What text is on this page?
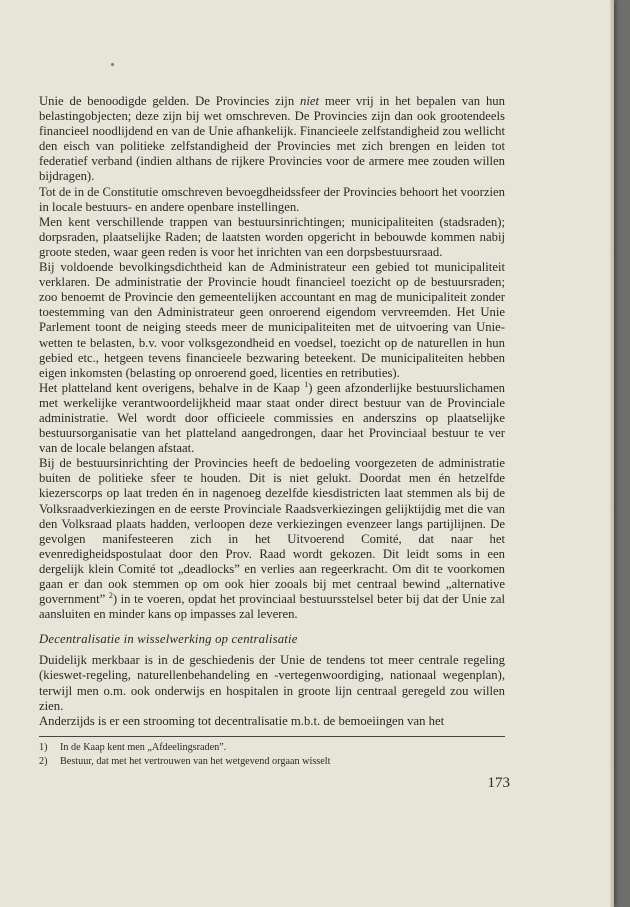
Unie de benoodigde gelden. De Provincies zijn niet meer vrij in het bepalen van hun belastingobjecten; deze zijn bij wet omschreven. De Provincies zijn dan ook grootendeels financieel noodlijdend en van de Unie afhankelijk. Financieele zelfstandigheid zou wellicht den eisch van politieke zelfstandigheid der Provincies met zich brengen en leiden tot federatief verband (indien althans de rijkere Provincies voor de armere mee zouden willen bijdragen).

Tot de in de Constitutie omschreven bevoegdheidssfeer der Provincies behoort het voorzien in locale bestuurs- en andere openbare instellingen.

Men kent verschillende trappen van bestuursinrichtingen; municipaliteiten (stadsraden); dorpsraden, plaatselijke Raden; de laatsten worden opgericht in bebouwde kommen nabij groote steden, waar geen reden is voor het inrichten van een dorpsbestuursraad.

Bij voldoende bevolkingsdichtheid kan de Administrateur een gebied tot municipaliteit verklaren. De administratie der Provincie houdt financieel toezicht op de bestuursraden; zoo benoemt de Provincie den gemeentelijken accountant en mag de municipaliteit zonder toestemming van den Administrateur geen onroerend eigendom vervreemden. Het Unie Parlement toont de neiging steeds meer de municipaliteiten met de uitvoering van Unie-wetten te belasten, b.v. voor volksgezondheid en voedsel, toezicht op de naturellen in hun gebied etc., hetgeen tevens financieele bezwaring beteekent. De municipaliteiten hebben eigen inkomsten (belasting op onroerend goed, licenties en retributies).

Het platteland kent overigens, behalve in de Kaap $^1$) geen afzonderlijke bestuurslichamen met werkelijke verantwoordelijkheid maar staat onder direct bestuur van de Provinciale administratie. Wel wordt door officieele commissies en anderszins op plaatselijke bestuursorganisatie van het platteland aangedrongen, daar het Provinciaal bestuur te ver van de locale belangen afstaat.

Bij de bestuursinrichting der Provincies heeft de bedoeling voorgezeten de administratie buiten de politieke sfeer te houden. Dit is niet gelukt. Doordat men én hetzelfde kiezerscorps op laat treden én in nagenoeg dezelfde kiesdistricten laat stemmen als bij de Volksraadverkiezingen en de eerste Provinciale Raadsverkiezingen gelijktijdig met die van den Volksraad plaats hadden, verloopen deze verkiezingen evenzeer langs partijlijnen. De gevolgen manifesteeren zich in het Uitvoerend Comité, dat naar het evenredigheidspostulaat door den Prov. Raad wordt gekozen. Dit leidt soms in een dergelijk klein Comité tot „deadlocks” en verlies aan regeerkracht. Om dit te voorkomen gaan er dan ook stemmen op om ook hier zooals bij met centraal bewind „alternative government” $^2$) in te voeren, opdat het provinciaal bestuursstelsel beter bij dat der Unie zal aansluiten en minder kans op impasses zal leveren.

Decentralisatie in wisselwerking op centralisatie

Duidelijk merkbaar is in de geschiedenis der Unie de tendens tot meer centrale regeling (kieswet-regeling, naturellenbehandeling en -vertegenwoordiging, nationaal wegenplan), terwijl men o.m. ook onderwijs en hospitalen in groote lijn centraal geregeld zou willen zien.

Anderzijds is er een strooming tot decentralisatie m.b.t. de bemoeiingen van het

1)	In de Kaap kent men „Afdeelingsraden”.
2)	Bestuur, dat met het vertrouwen van het wetgevend orgaan wisselt
173
